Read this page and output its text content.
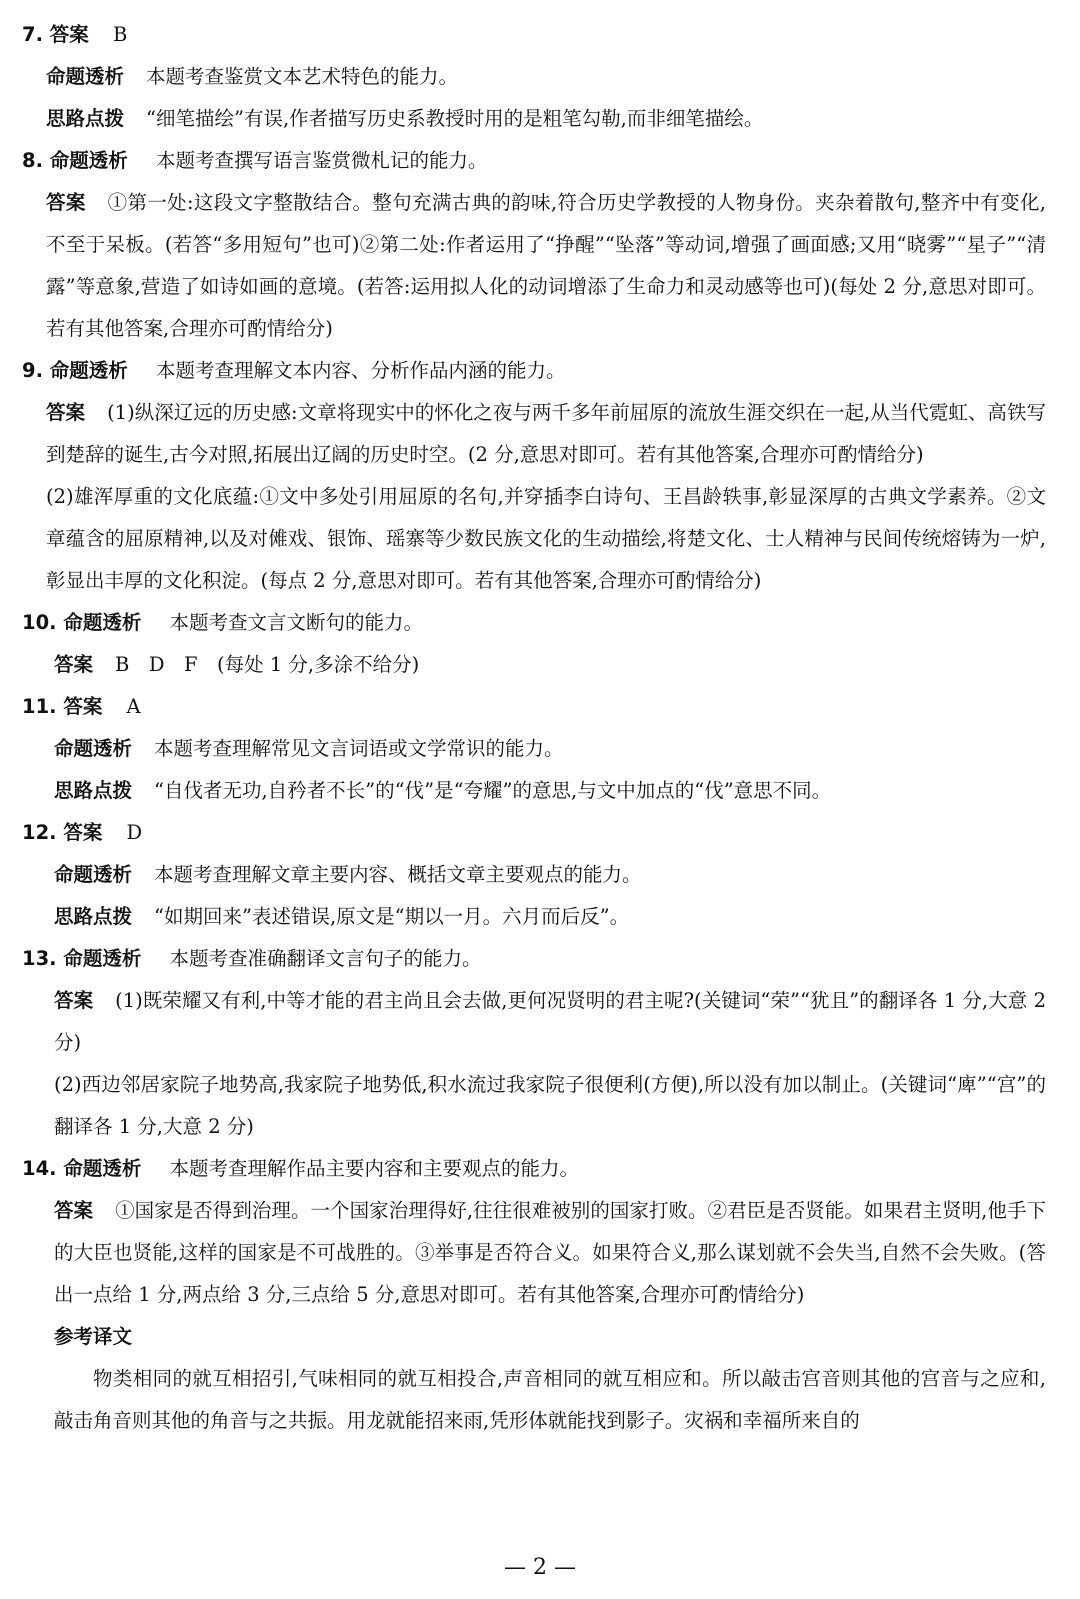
7. 答案 B
命题透析 本题考查鉴赏文本艺术特色的能力。
思路点拨 “细笔描绘”有误,作者描写历史系教授时用的是粗笔勾勒,而非细笔描绘。
8. 命题透析 本题考查撰写语言鉴赏微札记的能力。

答案 ①第一处:这段文字整散结合。整句充满古典的韵味,符合历史学教授的人物身份。夹杂着散句,整齐中有变化,不至于呆板。(若答“多用短句”也可)②第二处:作者运用了“挣醒”“坠落”等动词,增强了画面感;又用“晓雾”“星子”“清露”等意象,营造了如诗如画的意境。(若答:运用拟人化的动词增添了生命力和灵动感等也可)(每处 2 分,意思对即可。若有其他答案,合理亦可酌情给分)

9. 命题透析 本题考查理解文本内容、分析作品内涵的能力。

答案 (1)纵深辽远的历史感:文章将现实中的怀化之夜与两千多年前屈原的流放生涯交织在一起,从当代霓虹、高铁写到楚辞的诞生,古今对照,拓展出辽阔的历史时空。(2 分,意思对即可。若有其他答案,合理亦可酌情给分)

(2)雄浑厚重的文化底蕴:①文中多处引用屈原的名句,并穿插李白诗句、王昌龄轶事,彰显深厚的古典文学素养。②文章蕴含的屈原精神,以及对傩戏、银饰、瑶寨等少数民族文化的生动描绘,将楚文化、士人精神与民间传统熔铸为一炉,彰显出丰厚的文化积淀。(每点 2 分,意思对即可。若有其他答案,合理亦可酌情给分)

10. 命题透析 本题考查文言文断句的能力。
答案 B　D　F　(每处 1 分,多涂不给分)
11. 答案 A
命题透析 本题考查理解常见文言词语或文学常识的能力。
思路点拨 “自伐者无功,自矜者不长”的“伐”是“夸耀”的意思,与文中加点的“伐”意思不同。
12. 答案 D
命题透析 本题考查理解文章主要内容、概括文章主要观点的能力。
思路点拨 “如期回来”表述错误,原文是“期以一月。六月而后反”。
13. 命题透析 本题考查准确翻译文言句子的能力。

答案 (1)既荣耀又有利,中等才能的君主尚且会去做,更何况贤明的君主呢?(关键词“荣”“犹且”的翻译各 1 分,大意 2 分)

(2)西边邻居家院子地势高,我家院子地势低,积水流过我家院子很便利(方便),所以没有加以制止。(关键词“庳”“宫”的翻译各 1 分,大意 2 分)

14. 命题透析 本题考查理解作品主要内容和主要观点的能力。

答案 ①国家是否得到治理。一个国家治理得好,往往很难被别的国家打败。②君臣是否贤能。如果君主贤明,他手下的大臣也贤能,这样的国家是不可战胜的。③举事是否符合义。如果符合义,那么谋划就不会失当,自然不会失败。(答出一点给 1 分,两点给 3 分,三点给 5 分,意思对即可。若有其他答案,合理亦可酌情给分)

参考译文

物类相同的就互相招引,气味相同的就互相投合,声音相同的就互相应和。所以敲击宫音则其他的宫音与之应和,敲击角音则其他的角音与之共振。用龙就能招来雨,凭形体就能找到影子。灾祸和幸福所来自的

— 2 —
